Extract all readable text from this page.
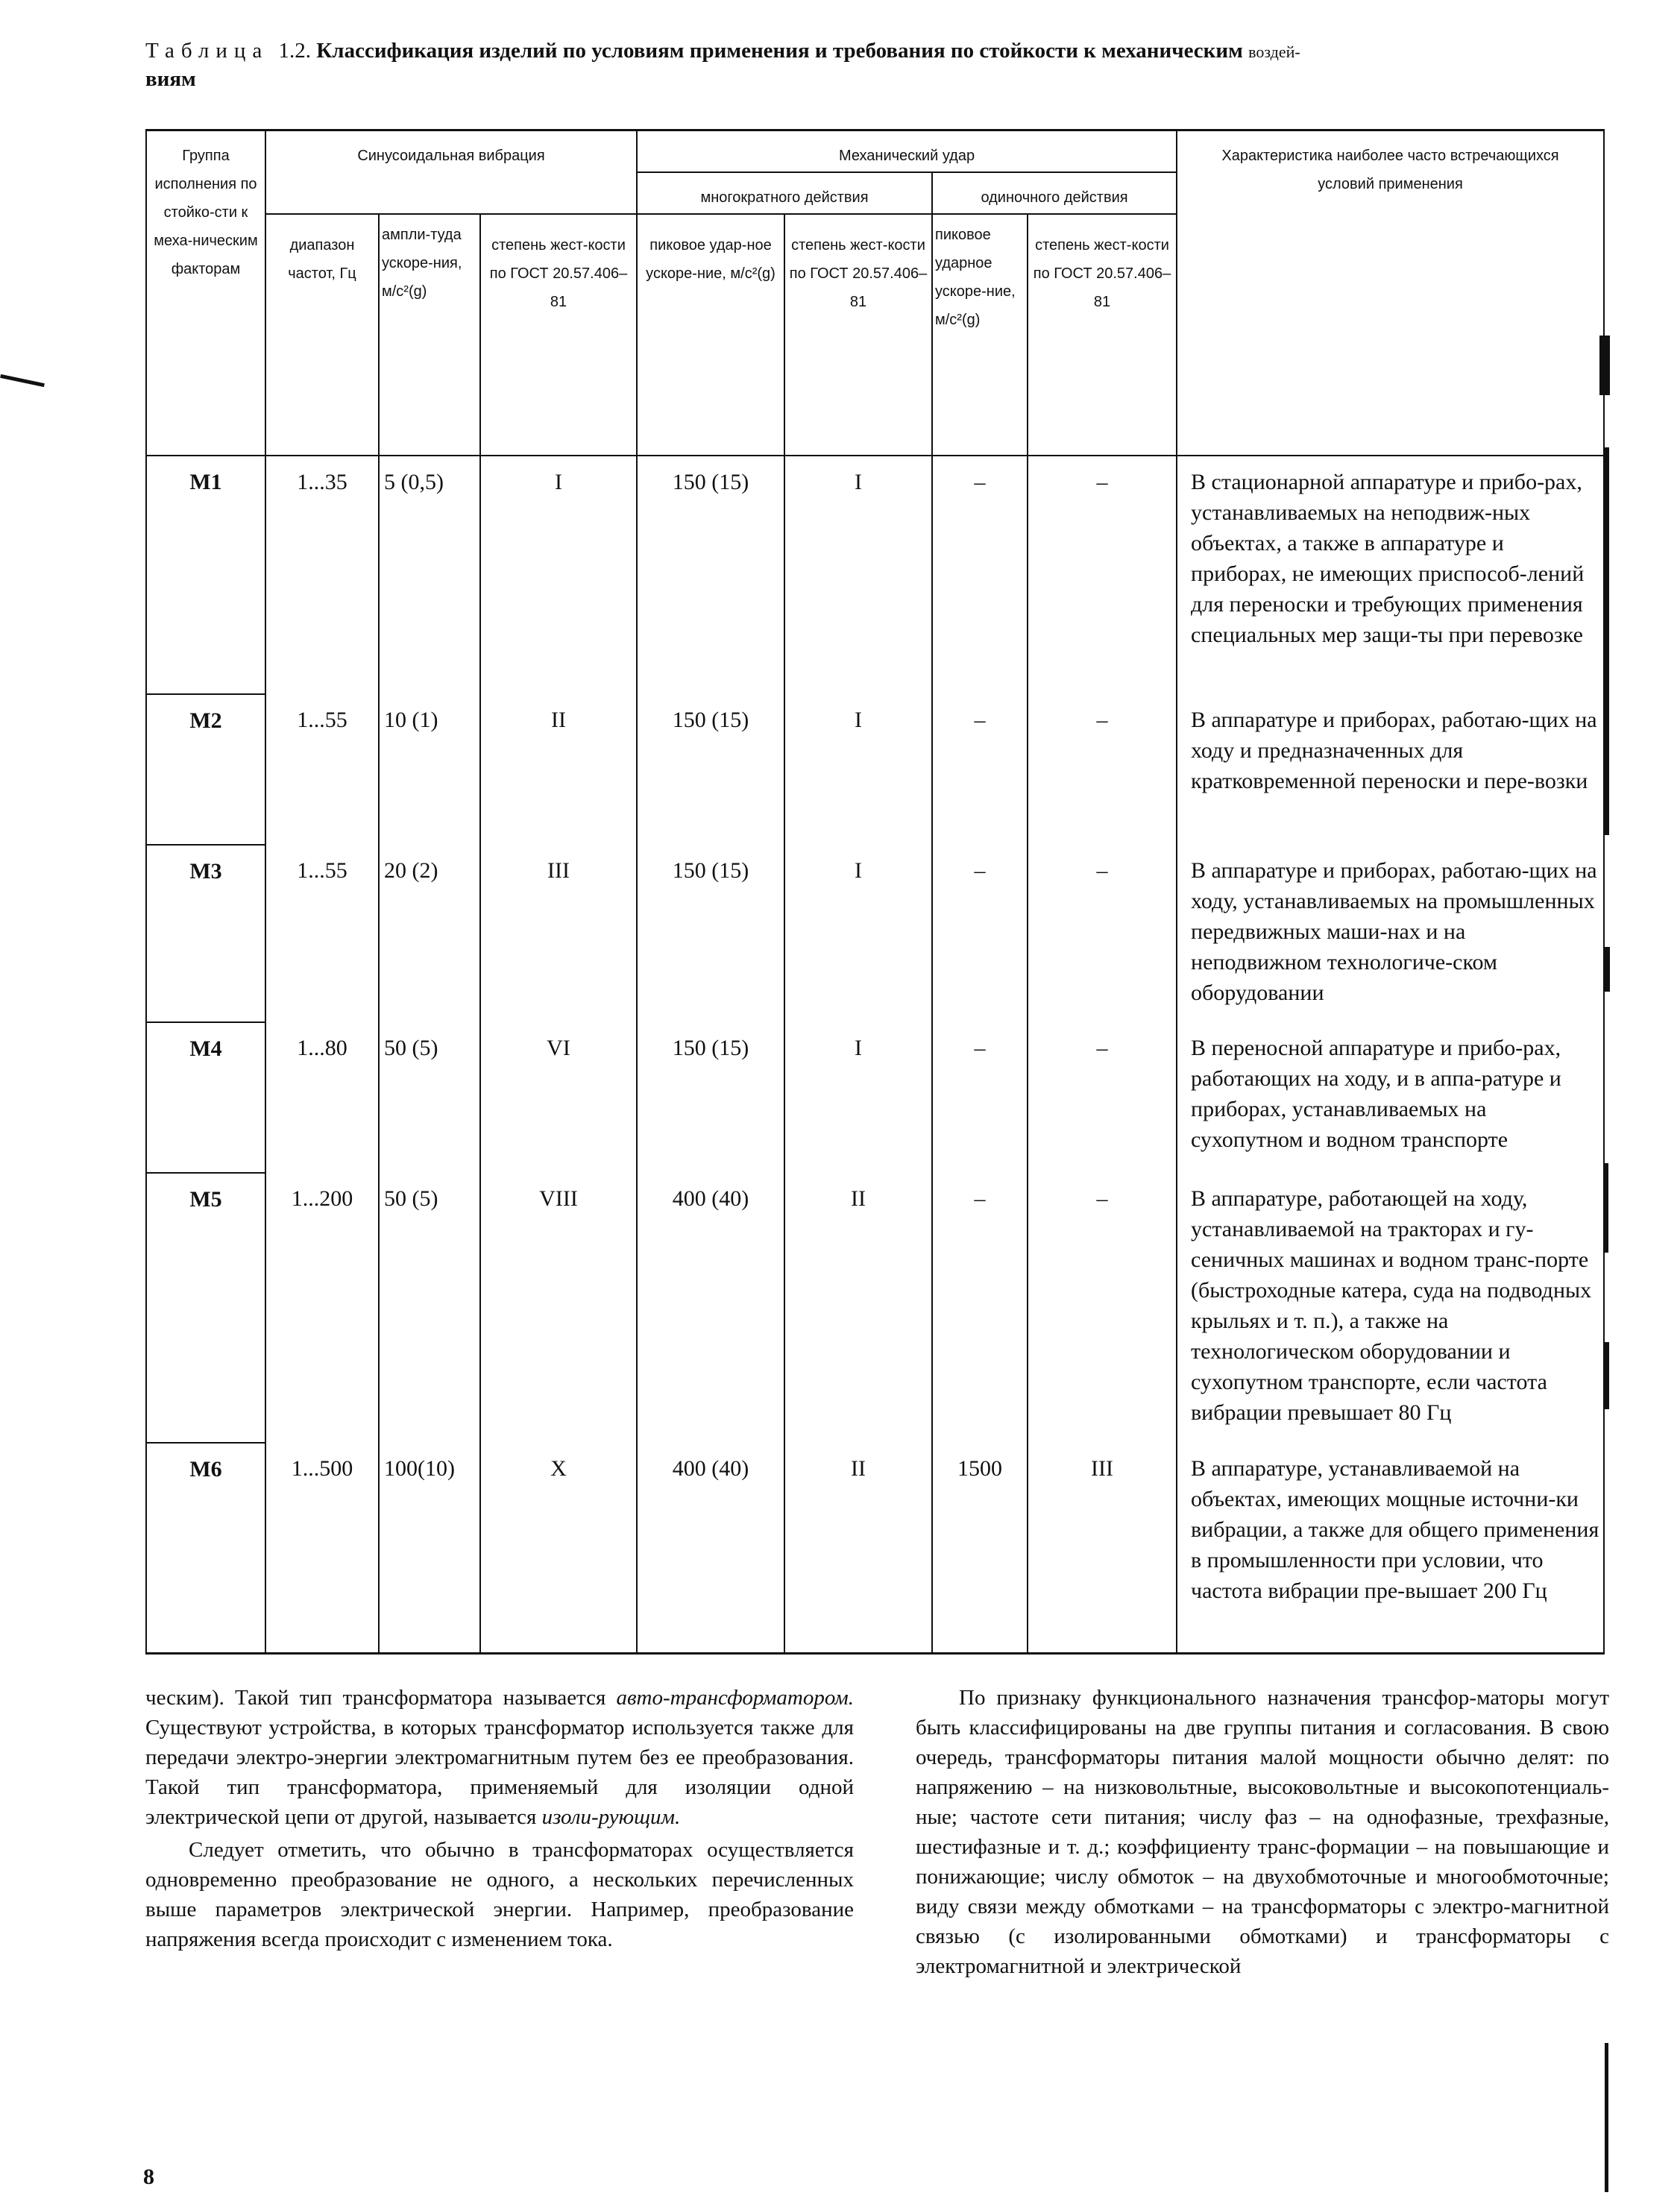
Таблица 1.2. Классификация изделий по условиям применения и требования по стойкости к механическим воздей-
виям
Группа исполнения по стойко-сти к меха-ническим факторам	Синусоидальная вибрация			Механический удар				Характеристика наиболее часто встречающихся условий применения
				многократного действия		одиночного действия		
	диапазон частот, Гц	ампли-туда ускоре-ния, м/с²(g)	степень жест-кости по ГОСТ 20.57.406–81	пиковое удар-ное ускоре-ние, м/с²(g)	степень жест-кости по ГОСТ 20.57.406–81	пиковое ударное ускоре-ние, м/с²(g)	степень жест-кости по ГОСТ 20.57.406–81	
M1	1...35	5 (0,5)	I	150 (15)	I	–	–	В стационарной аппаратуре и прибо-рах, устанавливаемых на неподвиж-ных объектах, а также в аппаратуре и приборах, не имеющих приспособ-лений для переноски и требующих применения специальных мер защи-ты при перевозке
M2	1...55	10 (1)	II	150 (15)	I	–	–	В аппаратуре и приборах, работаю-щих на ходу и предназначенных для кратковременной переноски и пере-возки
M3	1...55	20 (2)	III	150 (15)	I	–	–	В аппаратуре и приборах, работаю-щих на ходу, устанавливаемых на промышленных передвижных маши-нах и на неподвижном технологиче-ском оборудовании
M4	1...80	50 (5)	VI	150 (15)	I	–	–	В переносной аппаратуре и прибо-рах, работающих на ходу, и в аппа-ратуре и приборах, устанавливаемых на сухопутном и водном транспорте
M5	1...200	50 (5)	VIII	400 (40)	II	–	–	В аппаратуре, работающей на ходу, устанавливаемой на тракторах и гу-сеничных машинах и водном транс-порте (быстроходные катера, суда на подводных крыльях и т. п.), а также на технологическом оборудовании и сухопутном транспорте, если частота вибрации превышает 80 Гц
M6	1...500	100(10)	X	400 (40)	II	1500	III	В аппаратуре, устанавливаемой на объектах, имеющих мощные источни-ки вибрации, а также для общего применения в промышленности при условии, что частота вибрации пре-вышает 200 Гц

ческим). Такой тип трансформатора называется авто-трансформатором. Существуют устройства, в которых трансформатор используется также для передачи электро-энергии электромагнитным путем без ее преобразования. Такой тип трансформатора, применяемый для изоляции одной электрической цепи от другой, называется изоли-рующим.

Следует отметить, что обычно в трансформаторах осуществляется одновременно преобразование не одного, а нескольких перечисленных выше параметров электрической энергии. Например, преобразование напряжения всегда происходит с изменением тока.

По признаку функционального назначения трансфор-маторы могут быть классифицированы на две группы питания и согласования. В свою очередь, трансформаторы питания малой мощности обычно делят: по напряжению – на низковольтные, высоковольтные и высокопотенциаль-ные; частоте сети питания; числу фаз – на однофазные, трехфазные, шестифазные и т. д.; коэффициенту транс-формации – на повышающие и понижающие; числу обмоток – на двухобмоточные и многообмоточные; виду связи между обмотками – на трансформаторы с электро-магнитной связью (с изолированными обмотками) и трансформаторы с электромагнитной и электрической

8
